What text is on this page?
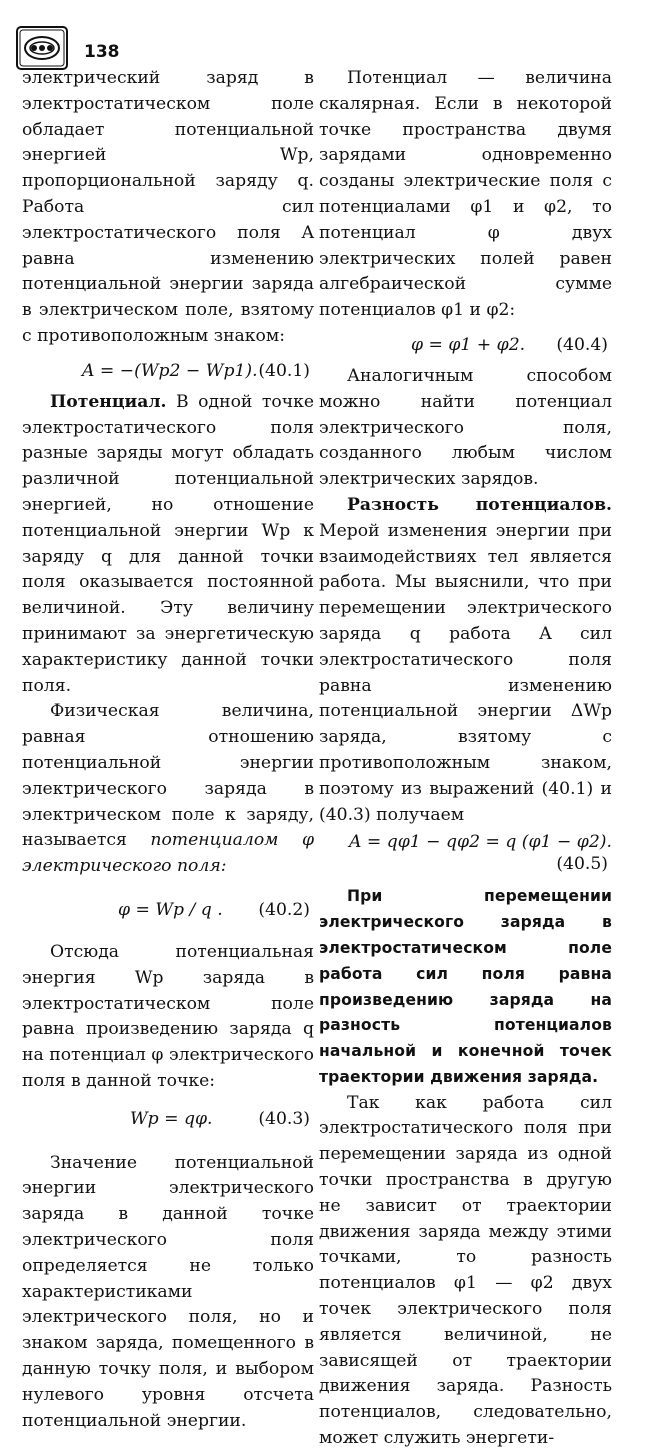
138

электрический заряд в электростатическом поле обладает потенциальной энергией Wp, пропорциональной заряду q. Работа сил электростатического поля A равна изменению потенциальной энергии заряда в электрическом поле, взятому с противоположным знаком:

A = −(Wp2 − Wp1). (40.1)

Потенциал. В одной точке электростатического поля разные заряды могут обладать различной потенциальной энергией, но отношение потенциальной энергии Wp к заряду q для данной точки поля оказывается постоянной величиной. Эту величину принимают за энергетическую характеристику данной точки поля.

Физическая величина, равная отношению потенциальной энергии электрического заряда в электрическом поле к заряду, называется потенциалом φ электрического поля:

φ = Wp / q . (40.2)

Отсюда потенциальная энергия Wp заряда в электростатическом поле равна произведению заряда q на потенциал φ электрического поля в данной точке:

Wp = qφ.	(40.3)

Значение потенциальной энергии электрического заряда в данной точке электрического поля определяется не только характеристиками электрического поля, но и знаком заряда, помещенного в данную точку поля, и выбором нулевого уровня отсчета потенциальной энергии.

Потенциал — величина скалярная. Если в некоторой точке пространства двумя зарядами одновременно созданы электрические поля с потенциалами φ1 и φ2, то потенциал φ двух электрических полей равен алгебраической сумме потенциалов φ1 и φ2:

φ = φ1 + φ2. (40.4)

Аналогичным способом можно найти потенциал электрического поля, созданного любым числом электрических зарядов.

Разность потенциалов. Мерой изменения энергии при взаимодействиях тел является работа. Мы выяснили, что при перемещении электрического заряда q работа A сил электростатического поля равна изменению потенциальной энергии ΔWp заряда, взятому с противоположным знаком, поэтому из выражений (40.1) и (40.3) получаем

A = qφ1 − qφ2 = q (φ1 − φ2).
(40.5)

При перемещении электрического заряда в электростатическом поле работа сил поля равна произведению заряда на разность потенциалов начальной и конечной точек траектории движения заряда.

Так как работа сил электростатического поля при перемещении заряда из одной точки пространства в другую не зависит от траектории движения заряда между этими точками, то разность потенциалов φ1 — φ2 двух точек электрического поля является величиной, не зависящей от траектории движения заряда. Разность потенциалов, следовательно, может служить энергети-
